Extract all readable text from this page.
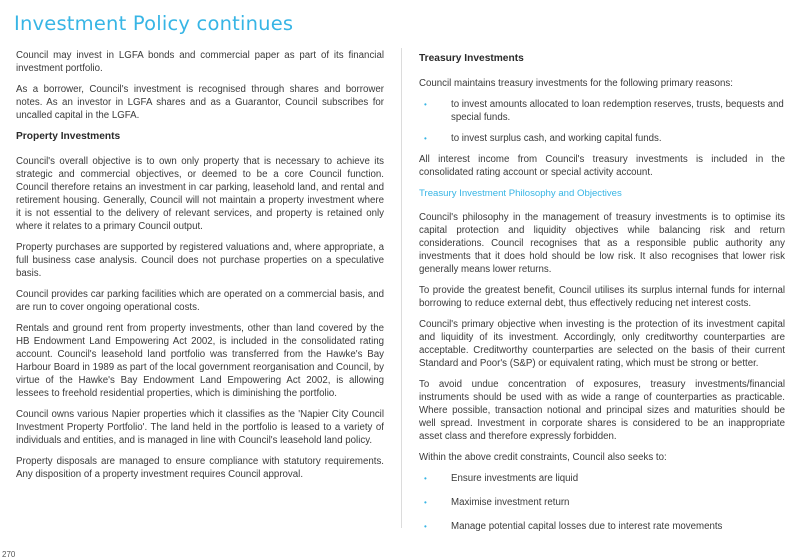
Investment Policy continues

Council may invest in LGFA bonds and commercial paper as part of its financial investment portfolio.

As a borrower, Council's investment is recognised through shares and borrower notes. As an investor in LGFA shares and as a Guarantor, Council subscribes for uncalled capital in the LGFA.

Property Investments

Council's overall objective is to own only property that is necessary to achieve its strategic and commercial objectives, or deemed to be a core Council function. Council therefore retains an investment in car parking, leasehold land, and rental and retirement housing. Generally, Council will not maintain a property investment where it is not essential to the delivery of relevant services, and property is retained only where it relates to a primary Council output.

Property purchases are supported by registered valuations and, where appropriate, a full business case analysis. Council does not purchase properties on a speculative basis.

Council provides car parking facilities which are operated on a commercial basis, and are run to cover ongoing operational costs.

Rentals and ground rent from property investments, other than land covered by the HB Endowment Land Empowering Act 2002, is included in the consolidated rating account. Council's leasehold land portfolio was transferred from the Hawke's Bay Harbour Board in 1989 as part of the local government reorganisation and Council, by virtue of the Hawke's Bay Endowment Land Empowering Act 2002, is allowing lessees to freehold residential properties, which is diminishing the portfolio.

Council owns various Napier properties which it classifies as the 'Napier City Council Investment Property Portfolio'. The land held in the portfolio is leased to a variety of individuals and entities, and is managed in line with Council's leasehold land policy.

Property disposals are managed to ensure compliance with statutory requirements. Any disposition of a property investment requires Council approval.

Treasury Investments

Council maintains treasury investments for the following primary reasons:

• to invest amounts allocated to loan redemption reserves, trusts, bequests and special funds.
• to invest surplus cash, and working capital funds.

All interest income from Council's treasury investments is included in the consolidated rating account or special activity account.

Treasury Investment Philosophy and Objectives

Council's philosophy in the management of treasury investments is to optimise its capital protection and liquidity objectives while balancing risk and return considerations. Council recognises that as a responsible public authority any investments that it does hold should be low risk. It also recognises that lower risk generally means lower returns.

To provide the greatest benefit, Council utilises its surplus internal funds for internal borrowing to reduce external debt, thus effectively reducing net interest costs.

Council's primary objective when investing is the protection of its investment capital and liquidity of its investment. Accordingly, only creditworthy counterparties are acceptable. Creditworthy counterparties are selected on the basis of their current Standard and Poor's (S&P) or equivalent rating, which must be strong or better.

To avoid undue concentration of exposures, treasury investments/financial instruments should be used with as wide a range of counterparties as practicable. Where possible, transaction notional and principal sizes and maturities should be well spread. Investment in corporate shares is considered to be an inappropriate asset class and therefore expressly forbidden.

Within the above credit constraints, Council also seeks to:

• Ensure investments are liquid
• Maximise investment return
• Manage potential capital losses due to interest rate movements
270
